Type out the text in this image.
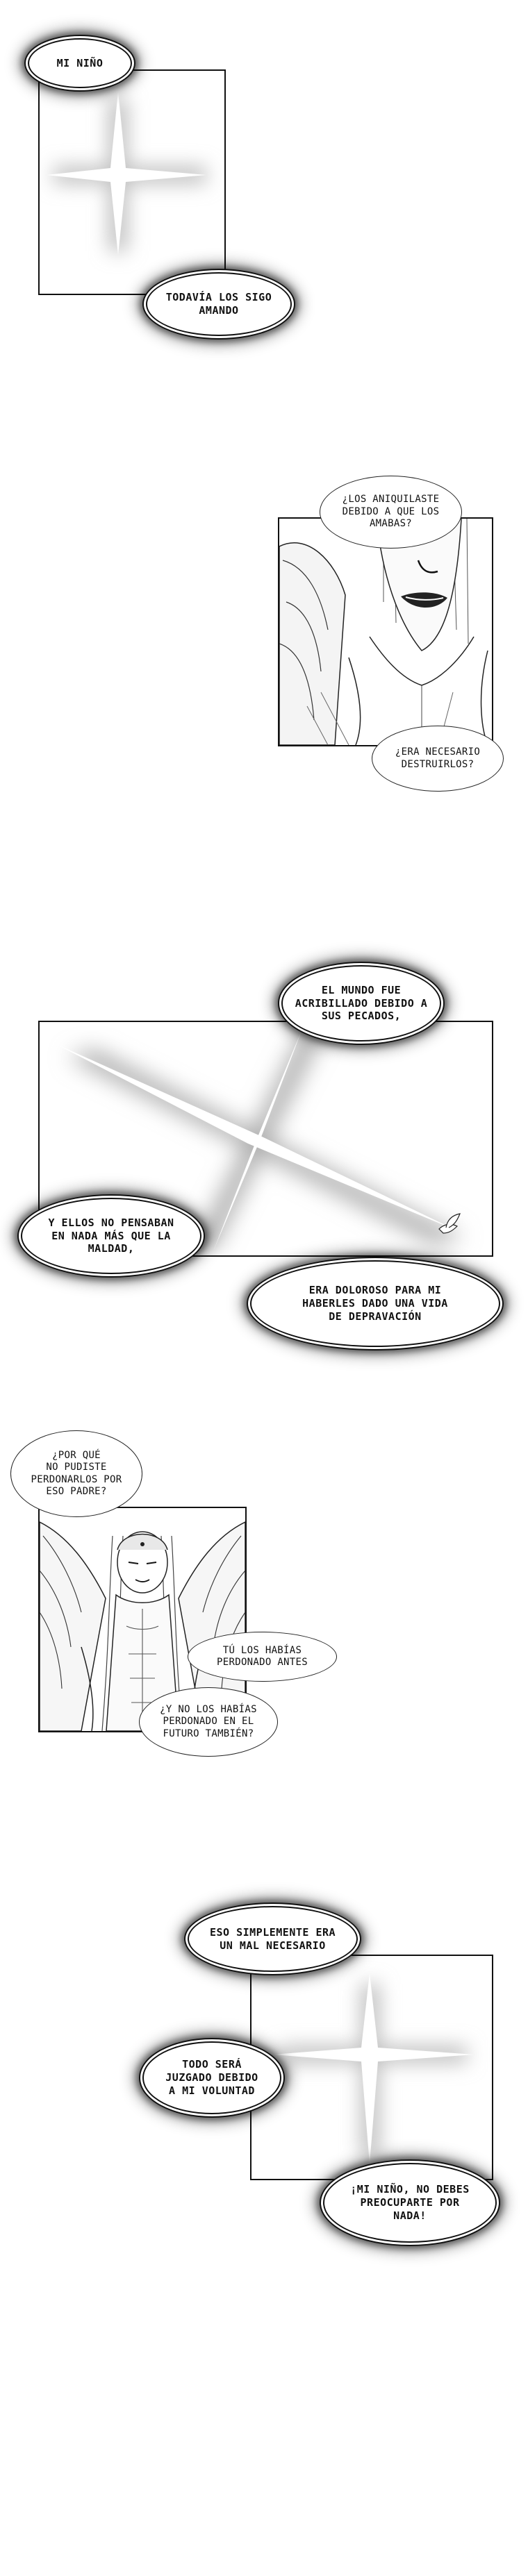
MI NIÑO
TODAVÍA LOS SIGO
AMANDO
¿LOS ANIQUILASTE
DEBIDO A QUE LOS
AMABAS?
¿ERA NECESARIO
DESTRUIRLOS?
EL MUNDO FUE
ACRIBILLADO DEBIDO A
SUS PECADOS,
Y ELLOS NO PENSABAN
EN NADA MÁS QUE LA
MALDAD,
ERA DOLOROSO PARA MI
HABERLES DADO UNA VIDA
DE DEPRAVACIÓN
¿POR QUÉ
NO PUDISTE
PERDONARLOS POR
ESO PADRE?
TÚ LOS HABÍAS
PERDONADO ANTES
¿Y NO LOS HABÍAS
PERDONADO EN EL
FUTURO TAMBIÉN?
ESO SIMPLEMENTE ERA
UN MAL NECESARIO
TODO SERÁ
JUZGADO DEBIDO
A MI VOLUNTAD
¡MI NIÑO, NO DEBES
PREOCUPARTE POR
NADA!
